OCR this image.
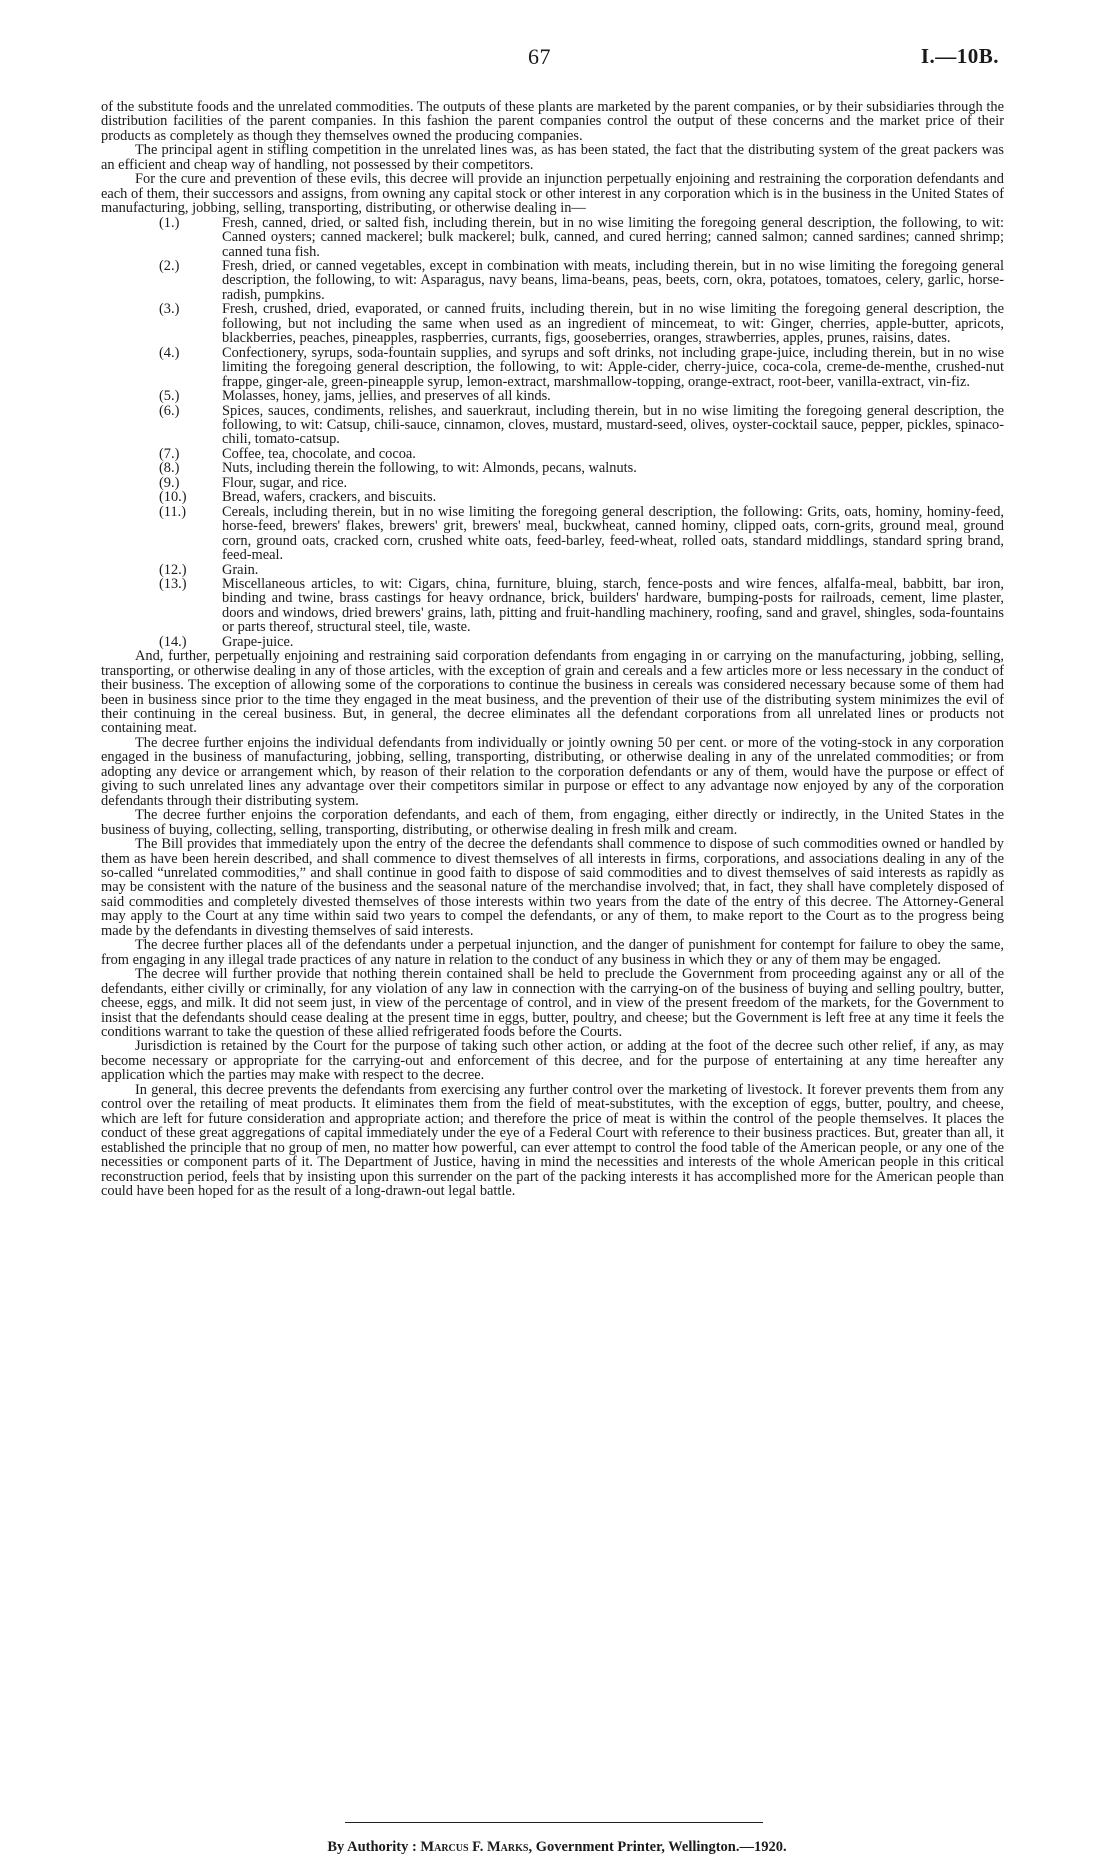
67	I.—10B.

of the substitute foods and the unrelated commodities. The outputs of these plants are marketed by the parent companies, or by their subsidiaries through the distribution facilities of the parent companies. In this fashion the parent companies control the output of these concerns and the market price of their products as completely as though they themselves owned the producing companies.

The principal agent in stifling competition in the unrelated lines was, as has been stated, the fact that the distributing system of the great packers was an efficient and cheap way of handling, not possessed by their competitors.

For the cure and prevention of these evils, this decree will provide an injunction perpetually enjoining and restraining the corporation defendants and each of them, their successors and assigns, from owning any capital stock or other interest in any corporation which is in the business in the United States of manufacturing, jobbing, selling, transporting, distributing, or otherwise dealing in—

(1.)	Fresh, canned, dried, or salted fish, including therein, but in no wise limiting the foregoing general description, the following, to wit: Canned oysters; canned mackerel; bulk mackerel; bulk, canned, and cured herring; canned salmon; canned sardines; canned shrimp; canned tuna fish.
(2.)	Fresh, dried, or canned vegetables, except in combination with meats, including therein, but in no wise limiting the foregoing general description, the following, to wit: Asparagus, navy beans, lima-beans, peas, beets, corn, okra, potatoes, tomatoes, celery, garlic, horse-radish, pumpkins.
(3.)	Fresh, crushed, dried, evaporated, or canned fruits, including therein, but in no wise limiting the foregoing general description, the following, but not including the same when used as an ingredient of mincemeat, to wit: Ginger, cherries, apple-butter, apricots, blackberries, peaches, pineapples, raspberries, currants, figs, gooseberries, oranges, strawberries, apples, prunes, raisins, dates.
(4.)	Confectionery, syrups, soda-fountain supplies, and syrups and soft drinks, not including grape-juice, including therein, but in no wise limiting the foregoing general description, the following, to wit: Apple-cider, cherry-juice, coca-cola, creme-de-menthe, crushed-nut frappe, ginger-ale, green-pineapple syrup, lemon-extract, marshmallow-topping, orange-extract, root-beer, vanilla-extract, vin-fiz.
(5.)	Molasses, honey, jams, jellies, and preserves of all kinds.
(6.)	Spices, sauces, condiments, relishes, and sauerkraut, including therein, but in no wise limiting the foregoing general description, the following, to wit: Catsup, chili-sauce, cinnamon, cloves, mustard, mustard-seed, olives, oyster-cocktail sauce, pepper, pickles, spinaco-chili, tomato-catsup.
(7.)	Coffee, tea, chocolate, and cocoa.
(8.)	Nuts, including therein the following, to wit: Almonds, pecans, walnuts.
(9.)	Flour, sugar, and rice.
(10.) Bread, wafers, crackers, and biscuits.
(11.) Cereals, including therein, but in no wise limiting the foregoing general description, the following: Grits, oats, hominy, hominy-feed, horse-feed, brewers' flakes, brewers' grit, brewers' meal, buckwheat, canned hominy, clipped oats, corn-grits, ground meal, ground corn, ground oats, cracked corn, crushed white oats, feed-barley, feed-wheat, rolled oats, standard middlings, standard spring brand, feed-meal.
(12.) Grain.
(13.) Miscellaneous articles, to wit: Cigars, china, furniture, bluing, starch, fence-posts and wire fences, alfalfa-meal, babbitt, bar iron, binding and twine, brass castings for heavy ordnance, brick, builders' hardware, bumping-posts for railroads, cement, lime plaster, doors and windows, dried brewers' grains, lath, pitting and fruit-handling machinery, roofing, sand and gravel, shingles, soda-fountains or parts thereof, structural steel, tile, waste.
(14.) Grape-juice.

And, further, perpetually enjoining and restraining said corporation defendants from engaging in or carrying on the manufacturing, jobbing, selling, transporting, or otherwise dealing in any of those articles, with the exception of grain and cereals and a few articles more or less necessary in the conduct of their business. The exception of allowing some of the corporations to continue the business in cereals was considered necessary because some of them had been in business since prior to the time they engaged in the meat business, and the prevention of their use of the distributing system minimizes the evil of their continuing in the cereal business. But, in general, the decree eliminates all the defendant corporations from all unrelated lines or products not containing meat.

The decree further enjoins the individual defendants from individually or jointly owning 50 per cent. or more of the voting-stock in any corporation engaged in the business of manufacturing, jobbing, selling, transporting, distributing, or otherwise dealing in any of the unrelated commodities; or from adopting any device or arrangement which, by reason of their relation to the corporation defendants or any of them, would have the purpose or effect of giving to such unrelated lines any advantage over their competitors similar in purpose or effect to any advantage now enjoyed by any of the corporation defendants through their distributing system.

The decree further enjoins the corporation defendants, and each of them, from engaging, either directly or indirectly, in the United States in the business of buying, collecting, selling, transporting, distributing, or otherwise dealing in fresh milk and cream.

The Bill provides that immediately upon the entry of the decree the defendants shall commence to dispose of such commodities owned or handled by them as have been herein described, and shall commence to divest themselves of all interests in firms, corporations, and associations dealing in any of the so-called “unrelated commodities,” and shall continue in good faith to dispose of said commodities and to divest themselves of said interests as rapidly as may be consistent with the nature of the business and the seasonal nature of the merchandise involved; that, in fact, they shall have completely disposed of said commodities and completely divested themselves of those interests within two years from the date of the entry of this decree. The Attorney-General may apply to the Court at any time within said two years to compel the defendants, or any of them, to make report to the Court as to the progress being made by the defendants in divesting themselves of said interests.

The decree further places all of the defendants under a perpetual injunction, and the danger of punishment for contempt for failure to obey the same, from engaging in any illegal trade practices of any nature in relation to the conduct of any business in which they or any of them may be engaged.

The decree will further provide that nothing therein contained shall be held to preclude the Government from proceeding against any or all of the defendants, either civilly or criminally, for any violation of any law in connection with the carrying-on of the business of buying and selling poultry, butter, cheese, eggs, and milk. It did not seem just, in view of the percentage of control, and in view of the present freedom of the markets, for the Government to insist that the defendants should cease dealing at the present time in eggs, butter, poultry, and cheese; but the Government is left free at any time it feels the conditions warrant to take the question of these allied refrigerated foods before the Courts.

Jurisdiction is retained by the Court for the purpose of taking such other action, or adding at the foot of the decree such other relief, if any, as may become necessary or appropriate for the carrying-out and enforcement of this decree, and for the purpose of entertaining at any time hereafter any application which the parties may make with respect to the decree.

In general, this decree prevents the defendants from exercising any further control over the marketing of livestock. It forever prevents them from any control over the retailing of meat products. It eliminates them from the field of meat-substitutes, with the exception of eggs, butter, poultry, and cheese, which are left for future consideration and appropriate action; and therefore the price of meat is within the control of the people themselves. It places the conduct of these great aggregations of capital immediately under the eye of a Federal Court with reference to their business practices. But, greater than all, it established the principle that no group of men, no matter how powerful, can ever attempt to control the food table of the American people, or any one of the necessities or component parts of it. The Department of Justice, having in mind the necessities and interests of the whole American people in this critical reconstruction period, feels that by insisting upon this surrender on the part of the packing interests it has accomplished more for the American people than could have been hoped for as the result of a long-drawn-out legal battle.

By Authority : Marcus F. Marks, Government Printer, Wellington.—1920.
